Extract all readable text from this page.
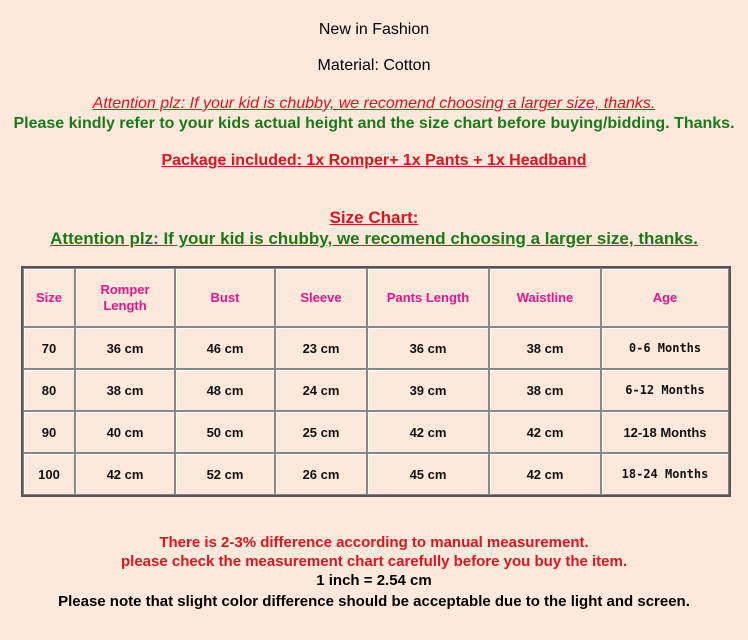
New in Fashion
Material: Cotton
Attention plz: If your kid is chubby, we recomend choosing a larger size, thanks.
Please kindly refer to your kids actual height and the size chart before buying/bidding. Thanks.
Package included: 1x Romper+ 1x Pants + 1x Headband
Size Chart:
Attention plz: If your kid is chubby, we recomend choosing a larger size, thanks.
Size	Romper Length	Bust	Sleeve	Pants Length	Waistline	Age
70	36 cm	46 cm	23 cm	36 cm	38 cm	0-6 Months
80	38 cm	48 cm	24 cm	39 cm	38 cm	6-12 Months
90	40 cm	50 cm	25 cm	42 cm	42 cm	12-18 Months
100	42 cm	52 cm	26 cm	45 cm	42 cm	18-24 Months
There is 2-3% difference according to manual measurement.
please check the measurement chart carefully before you buy the item.
1 inch = 2.54 cm
Please note that slight color difference should be acceptable due to the light and screen.
